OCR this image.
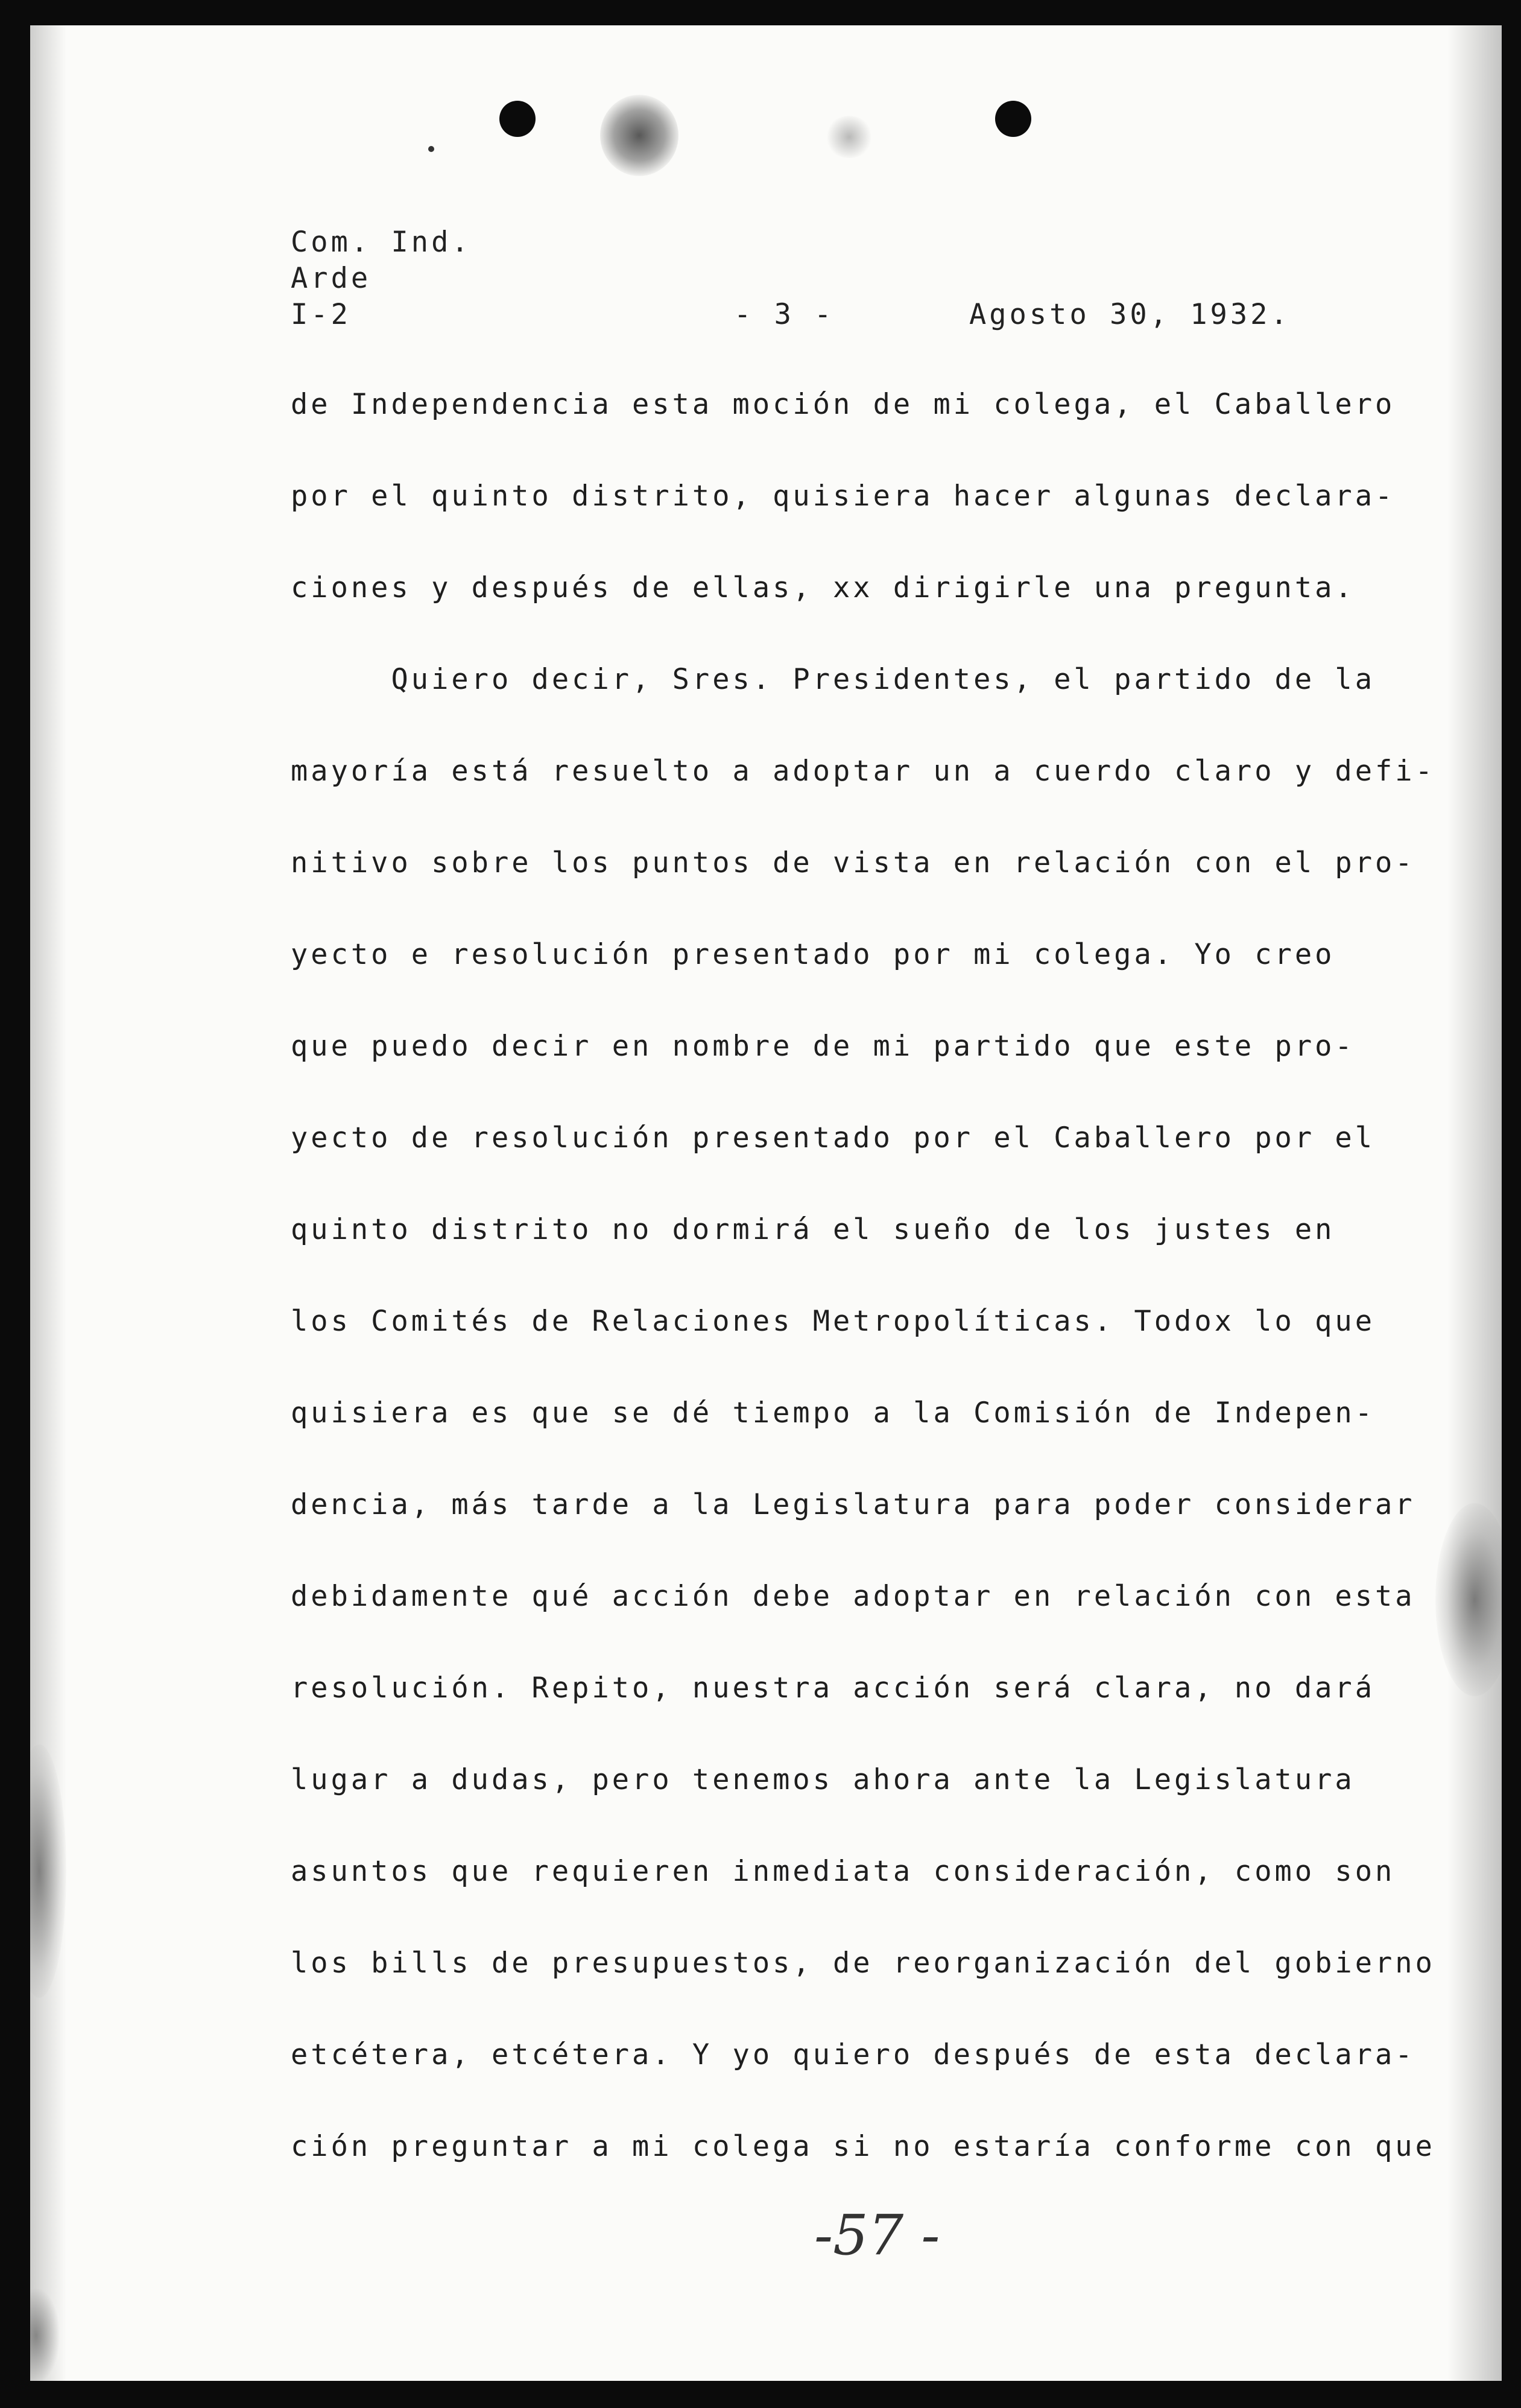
Com. Ind.
Arde
I-2	- 3 -	Agosto 30, 1932.
de Independencia esta moción de mi colega, el Caballero
por el quinto distrito, quisiera hacer algunas declara-
ciones y después de ellas, xx dirigirle una pregunta.
Quiero decir, Sres. Presidentes, el partido de la
mayoría está resuelto a adoptar un a cuerdo claro y defi-
nitivo sobre los puntos de vista en relación con el pro-
yecto e resolución presentado por mi colega. Yo creo
que puedo decir en nombre de mi partido que este pro-
yecto de resolución presentado por el Caballero por el
quinto distrito no dormirá el sueño de los justes en
los Comités de Relaciones Metropolíticas. Todox lo que
quisiera es que se dé tiempo a la Comisión de Indepen-
dencia, más tarde a la Legislatura para poder considerar
debidamente qué acción debe adoptar en relación con esta
resolución. Repito, nuestra acción será clara, no dará
lugar a dudas, pero tenemos ahora ante la Legislatura
asuntos que requieren inmediata consideración, como son
los bills de presupuestos, de reorganización del gobierno
etcétera, etcétera. Y yo quiero después de esta declara-
ción preguntar a mi colega si no estaría conforme con que
-57 -
